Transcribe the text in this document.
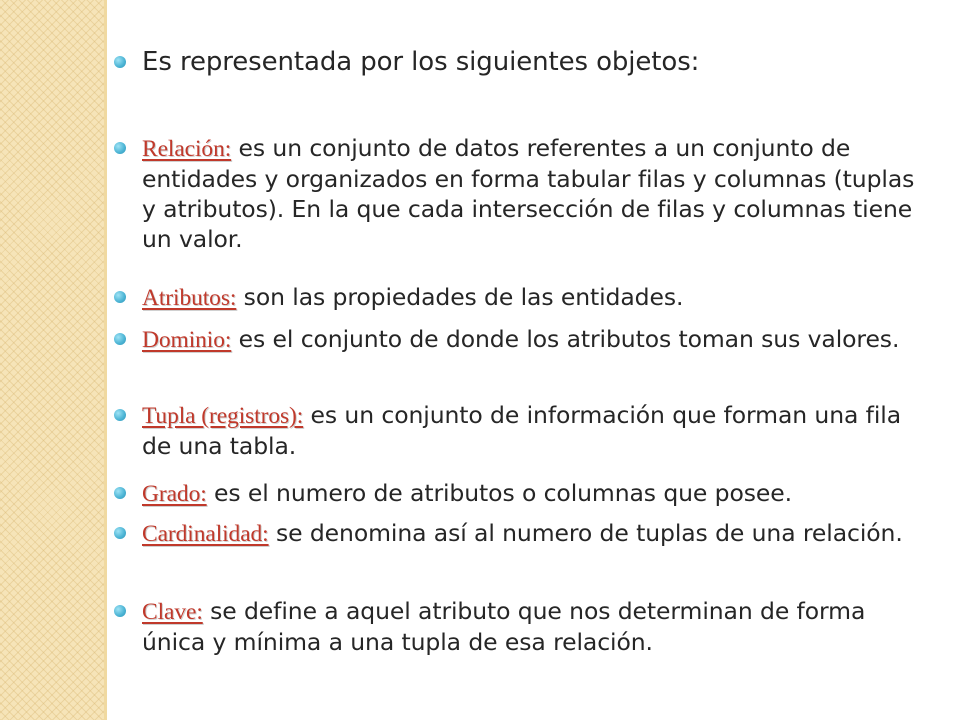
Es representada por los siguientes objetos:
Relación: es un conjunto de datos referentes a un conjunto de entidades y organizados en forma tabular filas y columnas (tuplas y atributos). En la que cada intersección de filas y columnas tiene un valor.
Atributos: son las propiedades de las entidades.
Dominio: es el conjunto de donde los atributos toman sus valores.
Tupla (registros): es un conjunto de información que forman una fila de una tabla.
Grado: es el numero de atributos o columnas que posee.
Cardinalidad: se denomina así al numero de tuplas de una relación.
Clave: se define a aquel atributo que nos determinan de forma única y mínima a una tupla de esa relación.
